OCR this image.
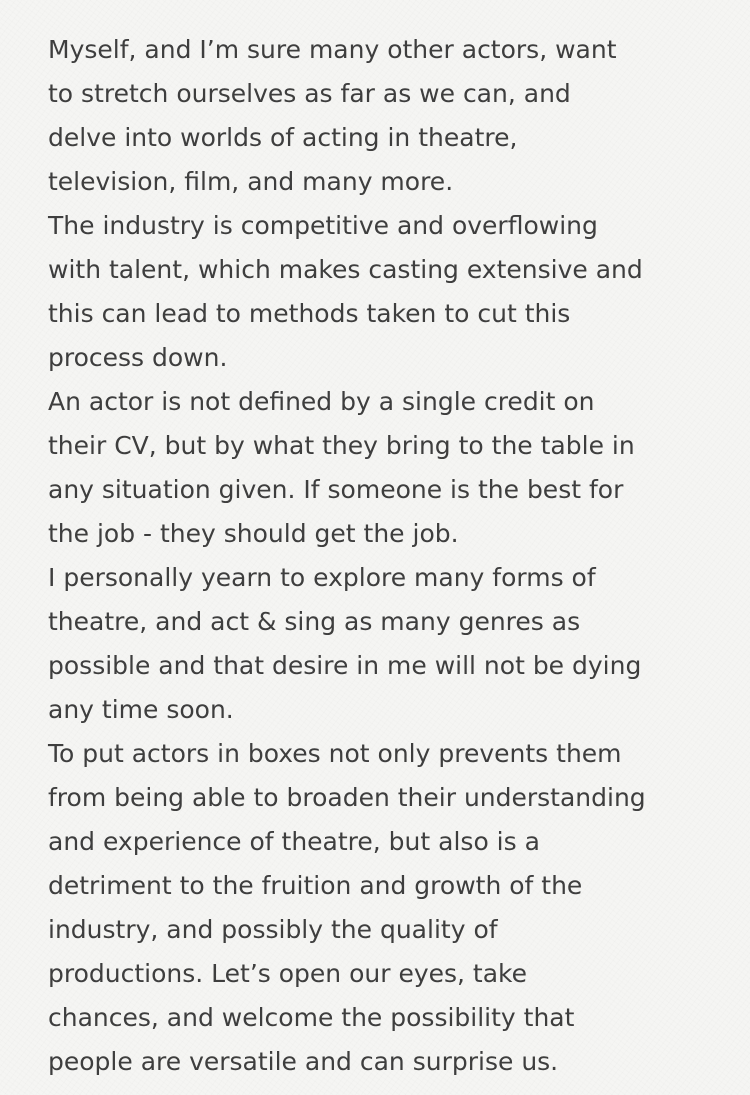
Myself, and I’m sure many other actors, want
to stretch ourselves as far as we can, and
delve into worlds of acting in theatre,
television, film, and many more.
The industry is competitive and overflowing
with talent, which makes casting extensive and
this can lead to methods taken to cut this
process down.
An actor is not defined by a single credit on
their CV, but by what they bring to the table in
any situation given. If someone is the best for
the job - they should get the job.
I personally yearn to explore many forms of
theatre, and act & sing as many genres as
possible and that desire in me will not be dying
any time soon.
To put actors in boxes not only prevents them
from being able to broaden their understanding
and experience of theatre, but also is a
detriment to the fruition and growth of the
industry, and possibly the quality of
productions. Let’s open our eyes, take
chances, and welcome the possibility that
people are versatile and can surprise us.
